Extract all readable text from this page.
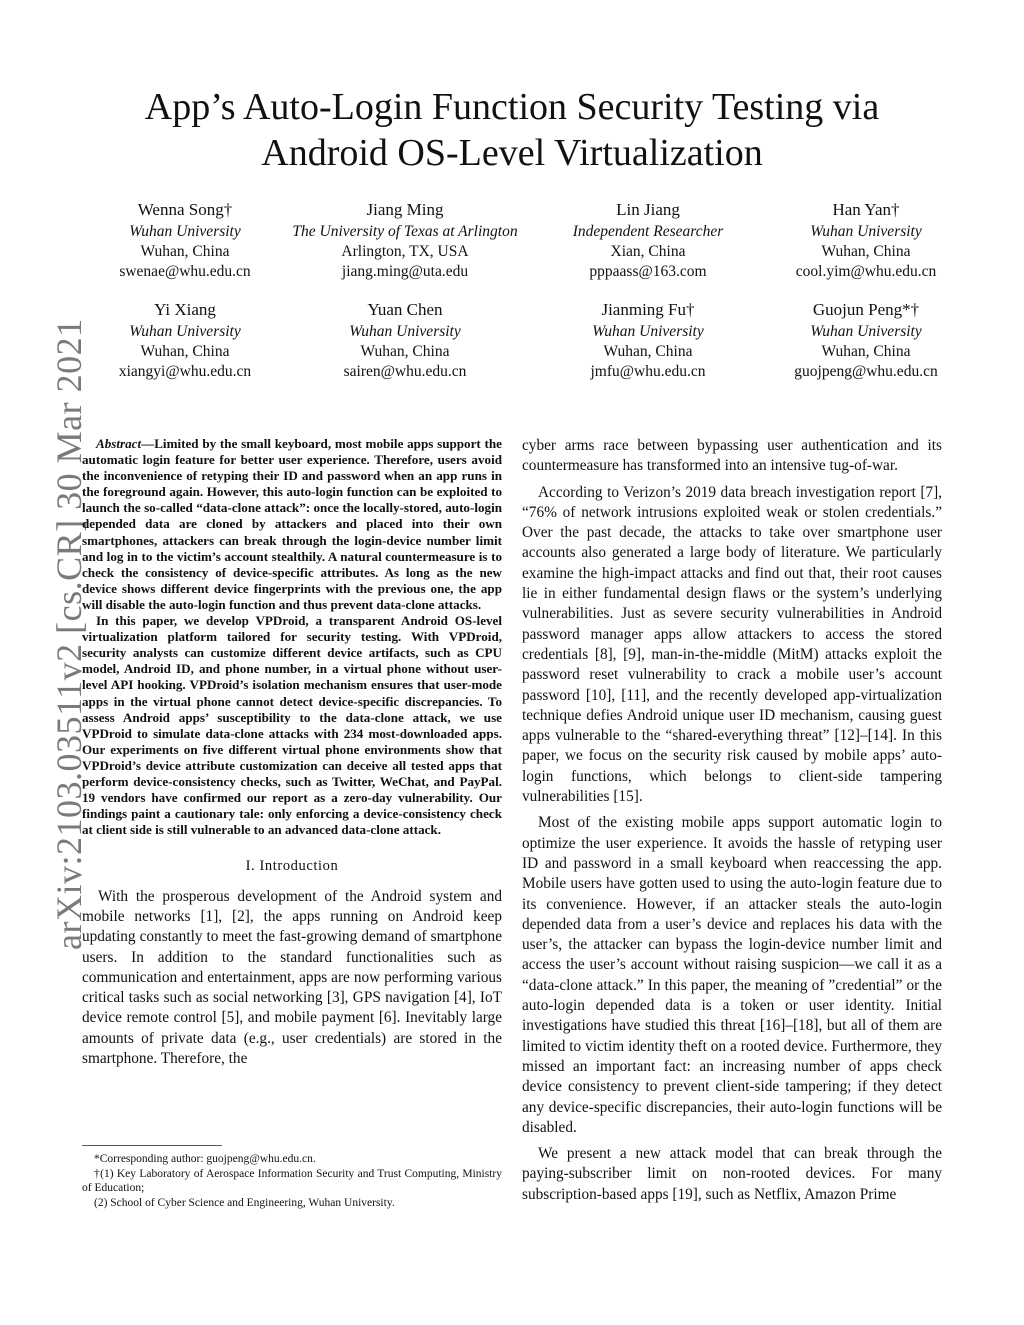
arXiv:2103.03511v2 [cs.CR] 30 Mar 2021
App’s Auto-Login Function Security Testing via Android OS-Level Virtualization
Wenna Song†
Wuhan University
Wuhan, China
swenae@whu.edu.cn
Jiang Ming
The University of Texas at Arlington
Arlington, TX, USA
jiang.ming@uta.edu
Lin Jiang
Independent Researcher
Xian, China
pppaass@163.com
Han Yan†
Wuhan University
Wuhan, China
cool.yim@whu.edu.cn
Yi Xiang
Wuhan University
Wuhan, China
xiangyi@whu.edu.cn
Yuan Chen
Wuhan University
Wuhan, China
sairen@whu.edu.cn
Jianming Fu†
Wuhan University
Wuhan, China
jmfu@whu.edu.cn
Guojun Peng*†
Wuhan University
Wuhan, China
guojpeng@whu.edu.cn

Abstract—Limited by the small keyboard, most mobile apps support the automatic login feature for better user experience. Therefore, users avoid the inconvenience of retyping their ID and password when an app runs in the foreground again. However, this auto-login function can be exploited to launch the so-called “data-clone attack”: once the locally-stored, auto-login depended data are cloned by attackers and placed into their own smartphones, attackers can break through the login-device number limit and log in to the victim’s account stealthily. A natural countermeasure is to check the consistency of device-specific attributes. As long as the new device shows different device fingerprints with the previous one, the app will disable the auto-login function and thus prevent data-clone attacks.

In this paper, we develop VPDroid, a transparent Android OS-level virtualization platform tailored for security testing. With VPDroid, security analysts can customize different device artifacts, such as CPU model, Android ID, and phone number, in a virtual phone without user-level API hooking. VPDroid’s isolation mechanism ensures that user-mode apps in the virtual phone cannot detect device-specific discrepancies. To assess Android apps’ susceptibility to the data-clone attack, we use VPDroid to simulate data-clone attacks with 234 most-downloaded apps. Our experiments on five different virtual phone environments show that VPDroid’s device attribute customization can deceive all tested apps that perform device-consistency checks, such as Twitter, WeChat, and PayPal. 19 vendors have confirmed our report as a zero-day vulnerability. Our findings paint a cautionary tale: only enforcing a device-consistency check at client side is still vulnerable to an advanced data-clone attack.

I. Introduction

With the prosperous development of the Android system and mobile networks [1], [2], the apps running on Android keep updating constantly to meet the fast-growing demand of smartphone users. In addition to the standard functionalities such as communication and entertainment, apps are now performing various critical tasks such as social networking [3], GPS navigation [4], IoT device remote control [5], and mobile payment [6]. Inevitably large amounts of private data (e.g., user credentials) are stored in the smartphone. Therefore, the

*Corresponding author: guojpeng@whu.edu.cn.

†(1) Key Laboratory of Aerospace Information Security and Trust Computing, Ministry of Education;

(2) School of Cyber Science and Engineering, Wuhan University.

cyber arms race between bypassing user authentication and its countermeasure has transformed into an intensive tug-of-war.

According to Verizon’s 2019 data breach investigation report [7], “76% of network intrusions exploited weak or stolen credentials.” Over the past decade, the attacks to take over smartphone user accounts also generated a large body of literature. We particularly examine the high-impact attacks and find out that, their root causes lie in either fundamental design flaws or the system’s underlying vulnerabilities. Just as severe security vulnerabilities in Android password manager apps allow attackers to access the stored credentials [8], [9], man-in-the-middle (MitM) attacks exploit the password reset vulnerability to crack a mobile user’s account password [10], [11], and the recently developed app-virtualization technique defies Android unique user ID mechanism, causing guest apps vulnerable to the “shared-everything threat” [12]–[14]. In this paper, we focus on the security risk caused by mobile apps’ auto-login functions, which belongs to client-side tampering vulnerabilities [15].

Most of the existing mobile apps support automatic login to optimize the user experience. It avoids the hassle of retyping user ID and password in a small keyboard when reaccessing the app. Mobile users have gotten used to using the auto-login feature due to its convenience. However, if an attacker steals the auto-login depended data from a user’s device and replaces his data with the user’s, the attacker can bypass the login-device number limit and access the user’s account without raising suspicion—we call it as a “data-clone attack.” In this paper, the meaning of ”credential” or the auto-login depended data is a token or user identity. Initial investigations have studied this threat [16]–[18], but all of them are limited to victim identity theft on a rooted device. Furthermore, they missed an important fact: an increasing number of apps check device consistency to prevent client-side tampering; if they detect any device-specific discrepancies, their auto-login functions will be disabled.

We present a new attack model that can break through the paying-subscriber limit on non-rooted devices. For many subscription-based apps [19], such as Netflix, Amazon Prime
